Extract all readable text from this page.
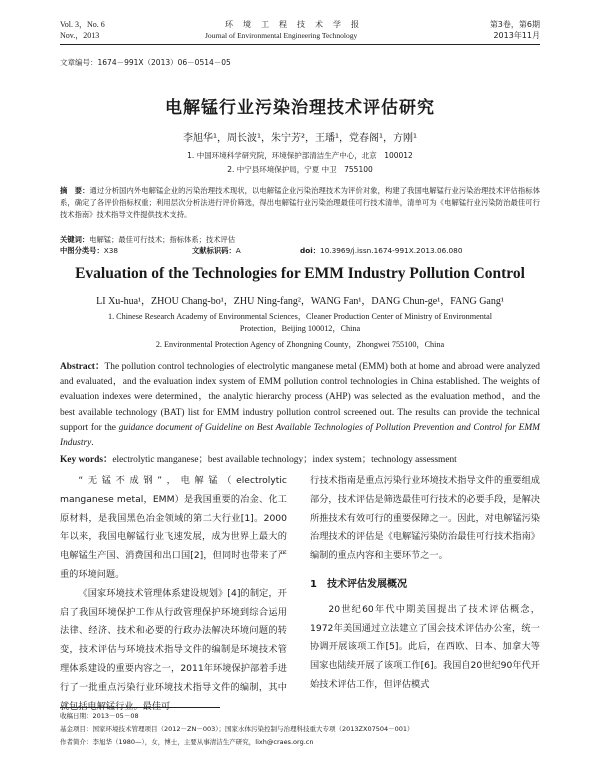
Vol. 3，No. 6
Nov.，2013
环　境　工　程　技　术　学　报
Journal of Environmental Engineering Technology
第3卷，第6期
2013年11月
文章编号：1674－991X（2013）06－0514－05
电解锰行业污染治理技术评估研究
李旭华¹，周长波¹，朱宁芳²，王璠¹，党春阁¹，方刚¹
1. 中国环境科学研究院，环境保护部清洁生产中心，北京　100012
2. 中宁县环境保护局，宁夏 中卫　755100
摘　要：通过分析国内外电解锰企业的污染治理技术现状，以电解锰企业污染治理技术为评价对象，构建了我国电解锰行业污染治理技术评估指标体系，确定了各评价指标权重；利用层次分析法进行评价筛选，得出电解锰行业污染治理最佳可行技术清单，清单可为《电解锰行业污染防治最佳可行技术指南》技术指导文件提供技术支持。
关键词：电解锰；最佳可行技术；指标体系；技术评估
中图分类号：X38	文献标识码：A	doi：10.3969/j.issn.1674-991X.2013.06.080
Evaluation of the Technologies for EMM Industry Pollution Control
LI Xu-hua¹，ZHOU Chang-bo¹，ZHU Ning-fang²，WANG Fan¹，DANG Chun-ge¹，FANG Gang¹
1. Chinese Research Academy of Environmental Sciences，Cleaner Production Center of Ministry of Environmental
Protection，Beijing 100012，China
2. Environmental Protection Agency of Zhongning County，Zhongwei 755100，China
Abstract：The pollution control technologies of electrolytic manganese metal (EMM) both at home and abroad were analyzed and evaluated，and the evaluation index system of EMM pollution control technologies in China established. The weights of evaluation indexes were determined，the analytic hierarchy process (AHP) was selected as the evaluation method，and the best available technology (BAT) list for EMM industry pollution control screened out. The results can provide the technical support for the guidance document of Guideline on Best Available Technologies of Pollution Prevention and Control for EMM Industry.
Key words：electrolytic manganese；best available technology；index system；technology assessment

“无锰不成钢”，电解锰（electrolytic manganese metal，EMM）是我国重要的冶金、化工原材料，是我国黑色冶金领域的第二大行业[1]。2000年以来，我国电解锰行业飞速发展，成为世界上最大的电解锰生产国、消费国和出口国[2]，但同时也带来了严重的环境问题。

《国家环境技术管理体系建设规划》[4]的制定，开启了我国环境保护工作从行政管理保护环境到综合运用法律、经济、技术和必要的行政办法解决环境问题的转变，技术评估与环境技术指导文件的编制是环境技术管理体系建设的重要内容之一，2011年环境保护部着手进行了一批重点污染行业环境技术指导文件的编制，其中就包括电解锰行业。最佳可

行技术指南是重点污染行业环境技术指导文件的重要组成部分，技术评估是筛选最佳可行技术的必要手段，是解决所推技术有效可行的重要保障之一。因此，对电解锰污染治理技术的评估是《电解锰污染防治最佳可行技术指南》编制的重点内容和主要环节之一。

1　 技术评估发展概况

20世纪60年代中期美国提出了技术评估概念，1972年美国通过立法建立了国会技术评估办公室，统一协调开展该项工作[5]。此后，在西欧、日本、加拿大等国家也陆续开展了该项工作[6]。我国自20世纪90年代开始技术评估工作，但评估模式

收稿日期：2013－05－08
基金项目：国家环境技术管理项目（2012－ZN－003）；国家水体污染控制与治理科技重大专项（2013ZX07504－001）
作者简介：李旭华（1980—），女，博士，主要从事清洁生产研究，lixh@craes.org.cn
